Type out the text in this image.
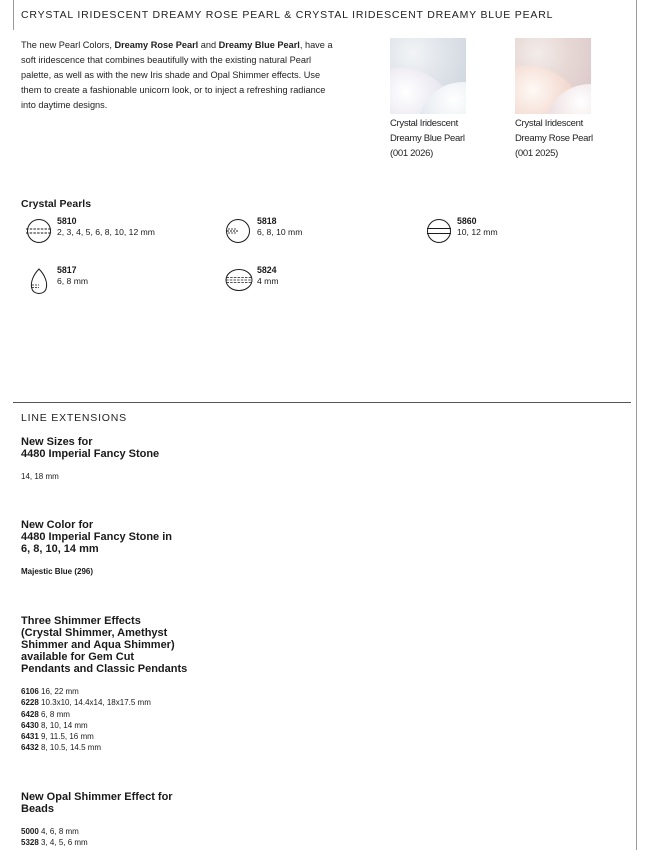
CRYSTAL IRIDESCENT DREAMY ROSE PEARL & CRYSTAL IRIDESCENT DREAMY BLUE PEARL
The new Pearl Colors, Dreamy Rose Pearl and Dreamy Blue Pearl, have a soft iridescence that combines beautifully with the existing natural Pearl palette, as well as with the new Iris shade and Opal Shimmer effects. Use them to create a fashionable unicorn look, or to inject a refreshing radiance into daytime designs.
Crystal Iridescent
Dreamy Blue Pearl
(001 2026)
Crystal Iridescent
Dreamy Rose Pearl
(001 2025)
Crystal Pearls
5810
2, 3, 4, 5, 6, 8, 10, 12 mm
5818
6, 8, 10 mm
5860
10, 12 mm
5817
6, 8 mm
5824
4 mm
LINE EXTENSIONS
New Sizes for
4480 Imperial Fancy Stone
14, 18 mm
New Color for
4480 Imperial Fancy Stone in
6, 8, 10, 14 mm
Majestic Blue (296)
Three Shimmer Effects
(Crystal Shimmer, Amethyst
Shimmer and Aqua Shimmer)
available for Gem Cut
Pendants and Classic Pendants
6106 16, 22 mm
6228 10.3x10, 14.4x14, 18x17.5 mm
6428 6, 8 mm
6430 8, 10, 14 mm
6431 9, 11.5, 16 mm
6432 8, 10.5, 14.5 mm
New Opal Shimmer Effect for
Beads
5000 4, 6, 8 mm
5328 3, 4, 5, 6 mm
